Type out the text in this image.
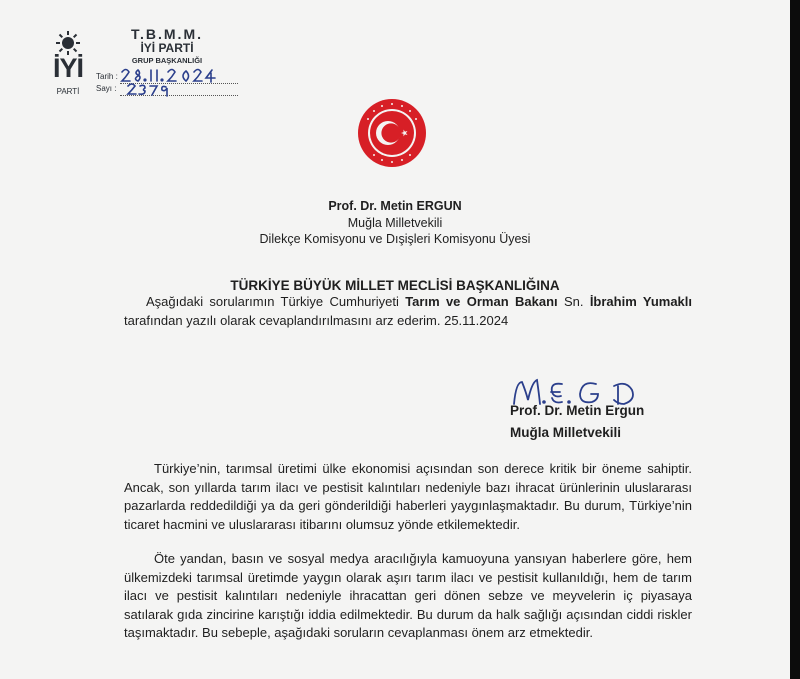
İYİ
PARTİ
T.B.M.M.
İYİ PARTİ
GRUP BAŞKANLIĞI
Tarih :
Sayı :
Prof. Dr. Metin ERGUN
Muğla Milletvekili
Dilekçe Komisyonu ve Dışişleri Komisyonu Üyesi
TÜRKİYE BÜYÜK MİLLET MECLİSİ BAŞKANLIĞINA
Aşağıdaki sorularımın Türkiye Cumhuriyeti Tarım ve Orman Bakanı Sn. İbrahim Yumaklı tarafından yazılı olarak cevaplandırılmasını arz ederim. 25.11.2024
Prof. Dr. Metin Ergun
Muğla Milletvekili
Türkiye’nin, tarımsal üretimi ülke ekonomisi açısından son derece kritik bir öneme sahiptir. Ancak, son yıllarda tarım ilacı ve pestisit kalıntıları nedeniyle bazı ihracat ürünlerinin uluslararası pazarlarda reddedildiği ya da geri gönderildiği haberleri yaygınlaşmaktadır. Bu durum, Türkiye’nin ticaret hacmini ve uluslararası itibarını olumsuz yönde etkilemektedir.
Öte yandan, basın ve sosyal medya aracılığıyla kamuoyuna yansıyan haberlere göre, hem ülkemizdeki tarımsal üretimde yaygın olarak aşırı tarım ilacı ve pestisit kullanıldığı, hem de tarım ilacı ve pestisit kalıntıları nedeniyle ihracattan geri dönen sebze ve meyvelerin iç piyasaya satılarak gıda zincirine karıştığı iddia edilmektedir. Bu durum da halk sağlığı açısından ciddi riskler taşımaktadır. Bu sebeple, aşağıdaki soruların cevaplanması önem arz etmektedir.
